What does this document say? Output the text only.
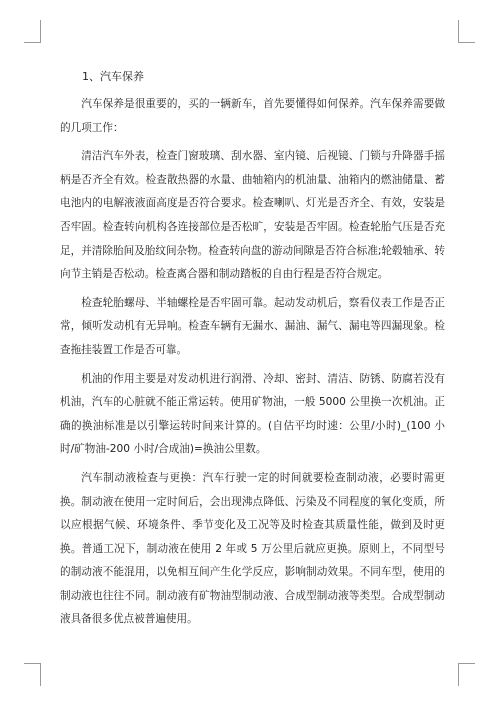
1、汽车保养

汽车保养是很重要的，买的一辆新车，首先要懂得如何保养。汽车保养需要做的几项工作：

清洁汽车外表，检查门窗玻璃、刮水器、室内镜、后视镜、门锁与升降器手摇柄是否齐全有效。检查散热器的水量、曲轴箱内的机油量、油箱内的燃油储量、蓄电池内的电解液液面高度是否符合要求。检查喇叭、灯光是否齐全、有效，安装是否牢固。检查转向机构各连接部位是否松旷，安装是否牢固。检查轮胎气压是否充足，并清除胎间及胎纹间杂物。检查转向盘的游动间隙是否符合标准;轮毂轴承、转向节主销是否松动。检查离合器和制动踏板的自由行程是否符合规定。

检查轮胎螺母、半轴螺栓是否牢固可靠。起动发动机后，察看仪表工作是否正常，倾听发动机有无异响。检查车辆有无漏水、漏油、漏气、漏电等四漏现象。检查拖挂装置工作是否可靠。

机油的作用主要是对发动机进行润滑、冷却、密封、清洁、防锈、防腐若没有机油，汽车的心脏就不能正常运转。使用矿物油，一般 5000 公里换一次机油。正确的换油标准是以引擎运转时间来计算的。(自估平均时速：公里/小时)_(100 小时/矿物油-200 小时/合成油)=换油公里数。

汽车制动液检查与更换：汽车行驶一定的时间就要检查制动液，必要时需更换。制动液在使用一定时间后，会出现沸点降低、污染及不同程度的氧化变质，所以应根据气候、环境条件、季节变化及工况等及时检查其质量性能，做到及时更换。普通工况下，制动液在使用 2 年或 5 万公里后就应更换。原则上，不同型号的制动液不能混用，以免相互间产生化学反应，影响制动效果。不同车型，使用的制动液也往往不同。制动液有矿物油型制动液、合成型制动液等类型。合成型制动液具备很多优点被普遍使用。
